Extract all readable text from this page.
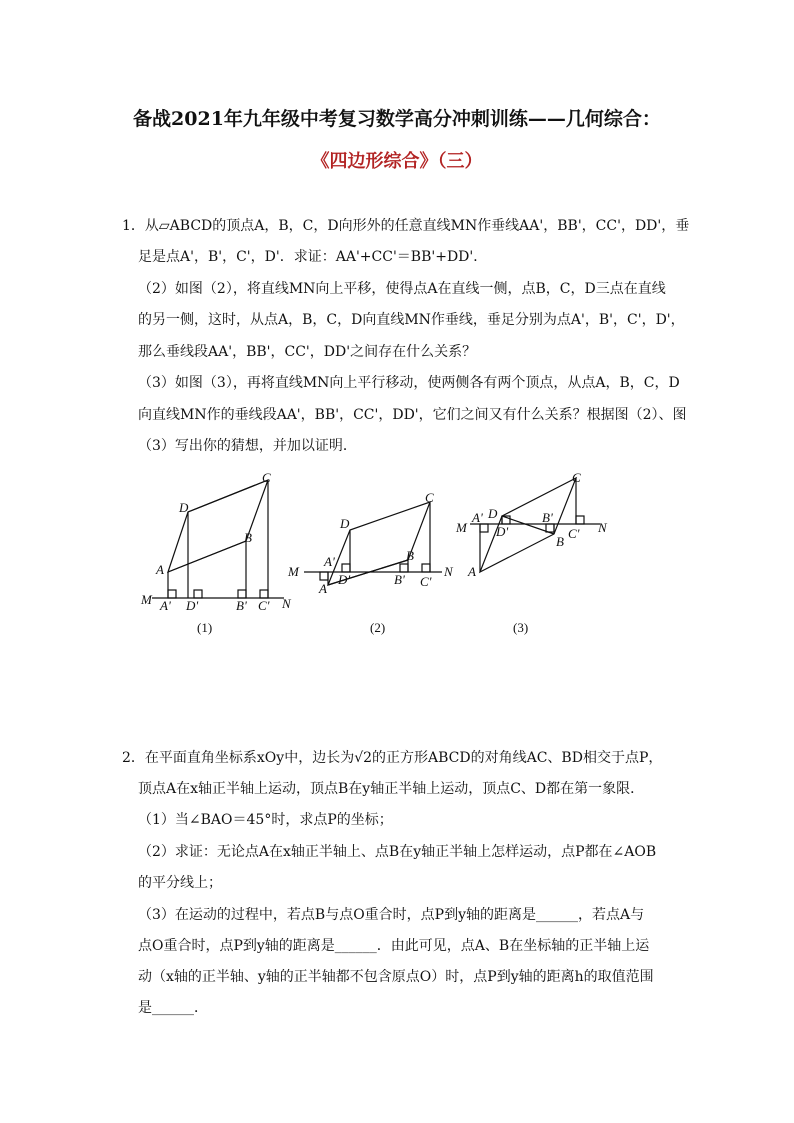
备战2021年九年级中考复习数学高分冲刺训练——几何综合：
《四边形综合》（三）
1．从▱ABCD的顶点A，B，C，D向形外的任意直线MN作垂线AA'，BB'，CC'，DD'，垂
足是点A'，B'，C'，D'．求证：AA'+CC'＝BB'+DD'．
（2）如图（2），将直线MN向上平移，使得点A在直线一侧，点B，C，D三点在直线
的另一侧，这时，从点A，B，C，D向直线MN作垂线，垂足分别为点A'，B'，C'，D'，
那么垂线段AA'，BB'，CC'，DD'之间存在什么关系？
（3）如图（3），再将直线MN向上平行移动，使两侧各有两个顶点，从点A，B，C，D
向直线MN作的垂线段AA'，BB'，CC'，DD'，它们之间又有什么关系？根据图（2）、图
（3）写出你的猜想，并加以证明．
C
D
B
A
M	N
A' D'	B' C'
C
D
B
A
M	N
A'
D'	B' C'
C
D'
B
A
M	N
A'	B'
C'
D
(1)	(2)	(3)
2．在平面直角坐标系xOy中，边长为√2的正方形ABCD的对角线AC、BD相交于点P，
顶点A在x轴正半轴上运动，顶点B在y轴正半轴上运动，顶点C、D都在第一象限．
（1）当∠BAO＝45°时，求点P的坐标；
（2）求证：无论点A在x轴正半轴上、点B在y轴正半轴上怎样运动，点P都在∠AOB
的平分线上；
（3）在运动的过程中，若点B与点O重合时，点P到y轴的距离是______，若点A与
点O重合时，点P到y轴的距离是______．由此可见，点A、B在坐标轴的正半轴上运
动（x轴的正半轴、y轴的正半轴都不包含原点O）时，点P到y轴的距离h的取值范围
是______．
